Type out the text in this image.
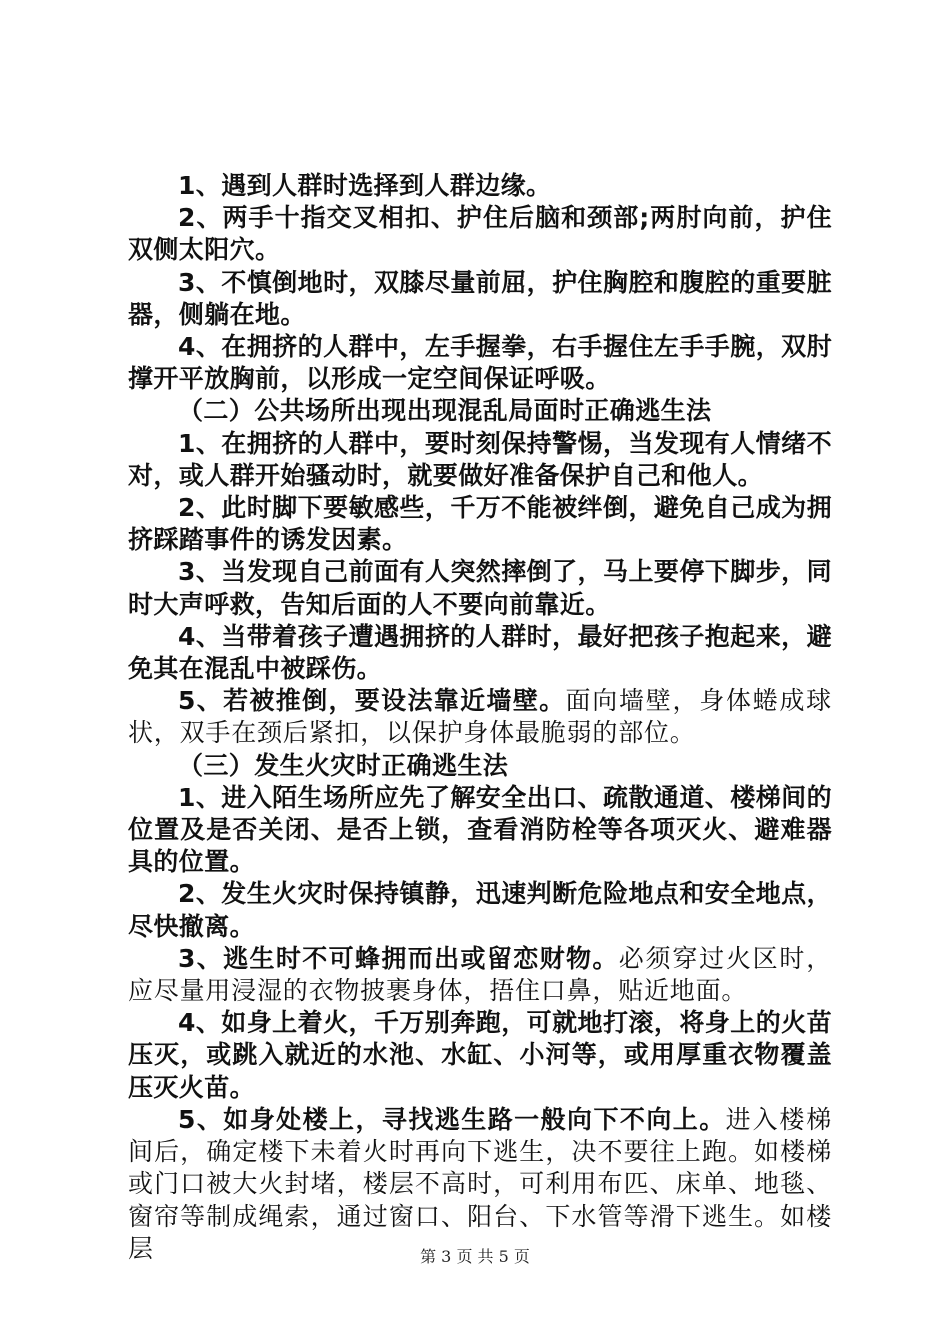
1、遇到人群时选择到人群边缘。

2、两手十指交叉相扣、护住后脑和颈部;两肘向前，护住双侧太阳穴。

3、不慎倒地时，双膝尽量前屈，护住胸腔和腹腔的重要脏器，侧躺在地。

4、在拥挤的人群中，左手握拳，右手握住左手手腕，双肘撑开平放胸前，以形成一定空间保证呼吸。

（二）公共场所出现出现混乱局面时正确逃生法

1、在拥挤的人群中，要时刻保持警惕，当发现有人情绪不对，或人群开始骚动时，就要做好准备保护自己和他人。

2、此时脚下要敏感些，千万不能被绊倒，避免自己成为拥挤踩踏事件的诱发因素。

3、当发现自己前面有人突然摔倒了，马上要停下脚步，同时大声呼救，告知后面的人不要向前靠近。

4、当带着孩子遭遇拥挤的人群时，最好把孩子抱起来，避免其在混乱中被踩伤。

5、若被推倒，要设法靠近墙壁。面向墙壁，身体蜷成球状，双手在颈后紧扣，以保护身体最脆弱的部位。

（三）发生火灾时正确逃生法

1、进入陌生场所应先了解安全出口、疏散通道、楼梯间的位置及是否关闭、是否上锁，查看消防栓等各项灭火、避难器具的位置。

2、发生火灾时保持镇静，迅速判断危险地点和安全地点，尽快撤离。

3、逃生时不可蜂拥而出或留恋财物。必须穿过火区时，应尽量用浸湿的衣物披裹身体，捂住口鼻，贴近地面。

4、如身上着火，千万别奔跑，可就地打滚，将身上的火苗压灭，或跳入就近的水池、水缸、小河等，或用厚重衣物覆盖压灭火苗。

5、如身处楼上，寻找逃生路一般向下不向上。进入楼梯间后，确定楼下未着火时再向下逃生，决不要往上跑。如楼梯或门口被大火封堵，楼层不高时，可利用布匹、床单、地毯、窗帘等制成绳索，通过窗口、阳台、下水管等滑下逃生。如楼层	第 3 页 共 5 页
